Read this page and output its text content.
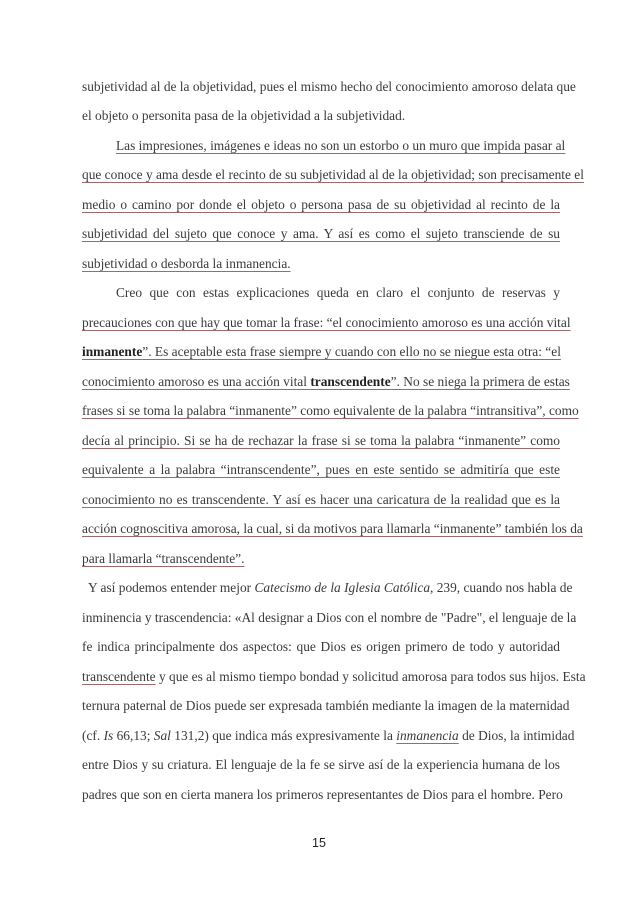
15
subjetividad al de la objetividad, pues el mismo hecho del conocimiento amoroso delata que
el objeto o personita pasa de la objetividad a la subjetividad.
Las impresiones, imágenes e ideas no son un estorbo o un muro que impida pasar al
que conoce y ama desde el recinto de su subjetividad al de la objetividad; son precisamente el
medio o camino por donde el objeto o persona pasa de su objetividad al recinto de la
subjetividad del sujeto que conoce y ama. Y así es como el sujeto transciende de su
subjetividad o desborda la inmanencia.
Creo que con estas explicaciones queda en claro el conjunto de reservas y
precauciones con que hay que tomar la frase: “el conocimiento amoroso es una acción vital
inmanente”. Es aceptable esta frase siempre y cuando con ello no se niegue esta otra: “el
conocimiento amoroso es una acción vital transcendente”. No se niega la primera de estas
frases si se toma la palabra “inmanente” como equivalente de la palabra “intransitiva”, como
decía al principio. Si se ha de rechazar la frase si se toma la palabra “inmanente” como
equivalente a la palabra “intranscendente”, pues en este sentido se admitiría que este
conocimiento no es transcendente. Y así es hacer una caricatura de la realidad que es la
acción cognoscitiva amorosa, la cual, si da motivos para llamarla “inmanente” también los da
para llamarla “transcendente”.
Y así podemos entender mejor Catecismo de la Iglesia Católica, 239, cuando nos habla de
inminencia y trascendencia: «Al designar a Dios con el nombre de "Padre", el lenguaje de la
fe indica principalmente dos aspectos: que Dios es origen primero de todo y autoridad
transcendente y que es al mismo tiempo bondad y solicitud amorosa para todos sus hijos. Esta
ternura paternal de Dios puede ser expresada también mediante la imagen de la maternidad
(cf. Is 66,13; Sal 131,2) que indica más expresivamente la inmanencia de Dios, la intimidad
entre Dios y su criatura. El lenguaje de la fe se sirve así de la experiencia humana de los
padres que son en cierta manera los primeros representantes de Dios para el hombre. Pero
